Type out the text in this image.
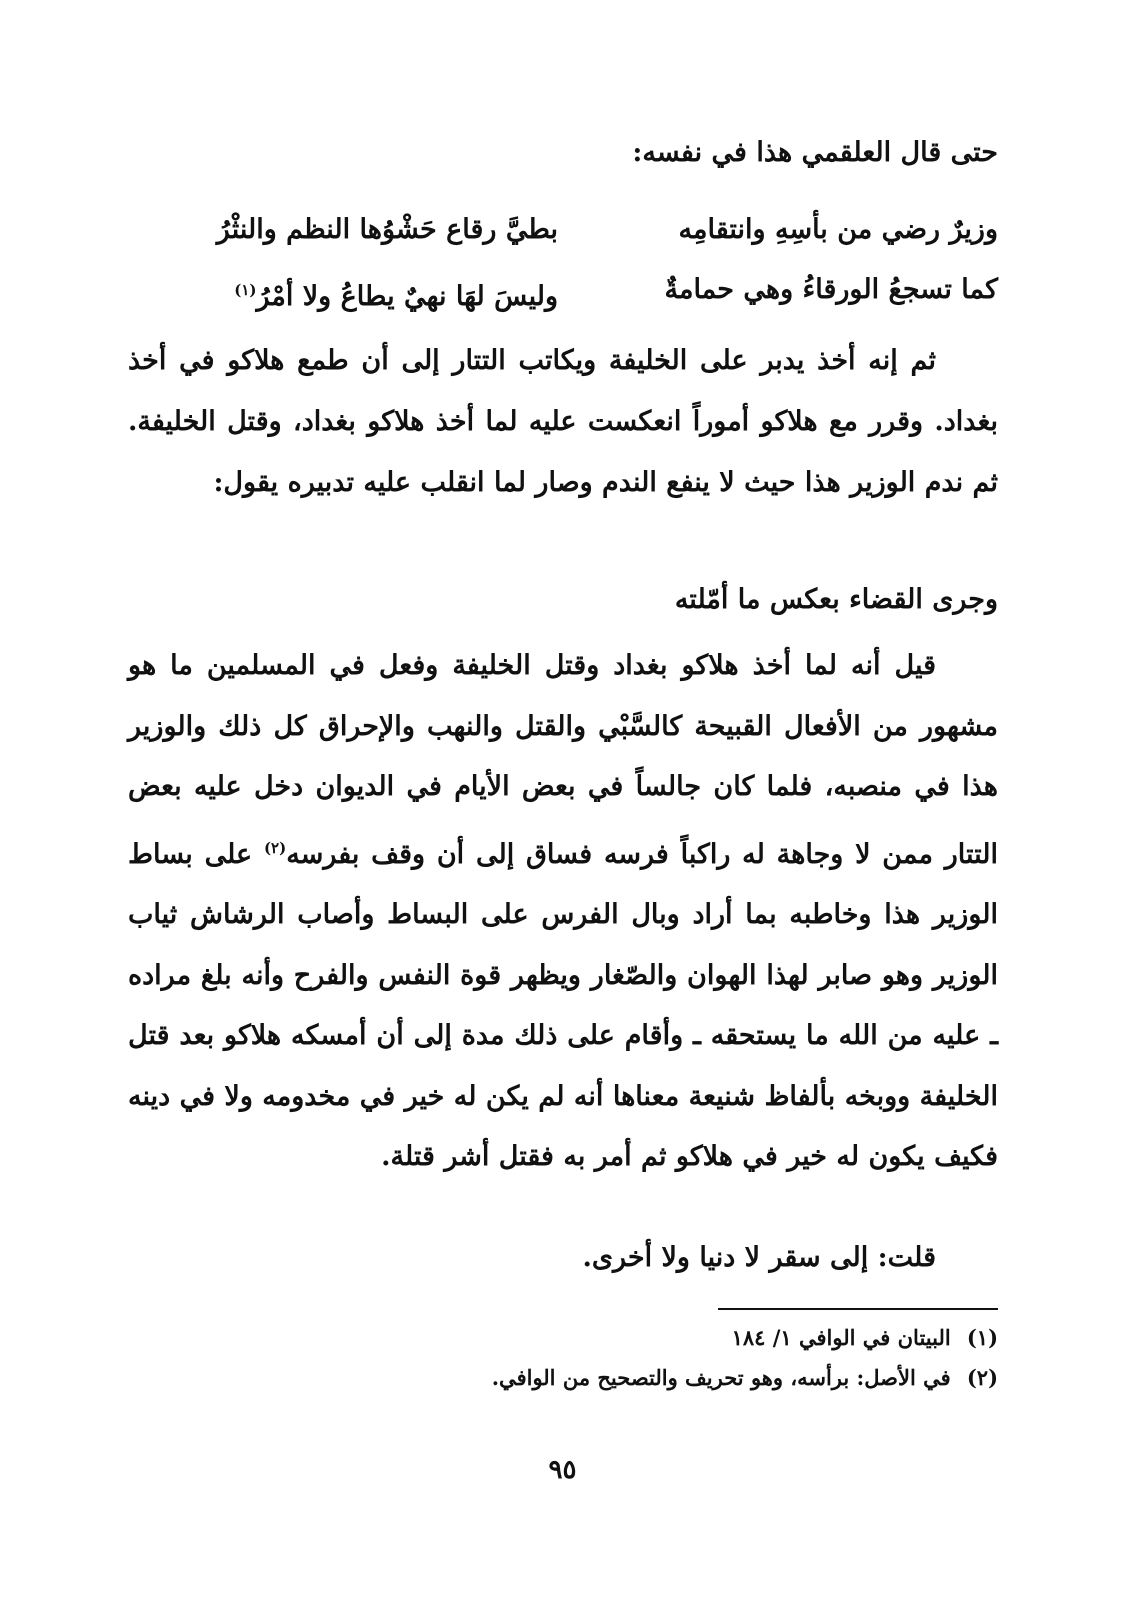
حتى قال العلقمي هذا في نفسه:
وزيرٌ رضي من بأسِهِ وانتقامِه
بطيَّ رقاع حَشْوُها النظم والنثْرُ
كما تسجعُ الورقاءُ وهي حمامةٌ
وليسَ لهَا نهيٌ يطاعُ ولا أمْرُ$^{(١)}$
ثم إنه أخذ يدبر على الخليفة ويكاتب التتار إلى أن طمع هلاكو في أخذ بغداد. وقرر مع هلاكو أموراً انعكست عليه لما أخذ هلاكو بغداد، وقتل الخليفة. ثم ندم الوزير هذا حيث لا ينفع الندم وصار لما انقلب عليه تدبيره يقول:
وجرى القضاء بعكس ما أمّلته
قيل أنه لما أخذ هلاكو بغداد وقتل الخليفة وفعل في المسلمين ما هو مشهور من الأفعال القبيحة كالسَّبْي والقتل والنهب والإحراق كل ذلك والوزير هذا في منصبه، فلما كان جالساً في بعض الأيام في الديوان دخل عليه بعض التتار ممن لا وجاهة له راكباً فرسه فساق إلى أن وقف بفرسه$^{(٢)}$ على بساط الوزير هذا وخاطبه بما أراد وبال الفرس على البساط وأصاب الرشاش ثياب الوزير وهو صابر لهذا الهوان والصّغار ويظهر قوة النفس والفرح وأنه بلغ مراده ـ عليه من الله ما يستحقه ـ وأقام على ذلك مدة إلى أن أمسكه هلاكو بعد قتل الخليفة ووبخه بألفاظ شنيعة معناها أنه لم يكن له خير في مخدومه ولا في دينه فكيف يكون له خير في هلاكو ثم أمر به فقتل أشر قتلة.
قلت: إلى سقر لا دنيا ولا أخرى.
(١) البيتان في الوافي ١/ ١٨٤
(٢) في الأصل: برأسه، وهو تحريف والتصحيح من الوافي.
٩٥
